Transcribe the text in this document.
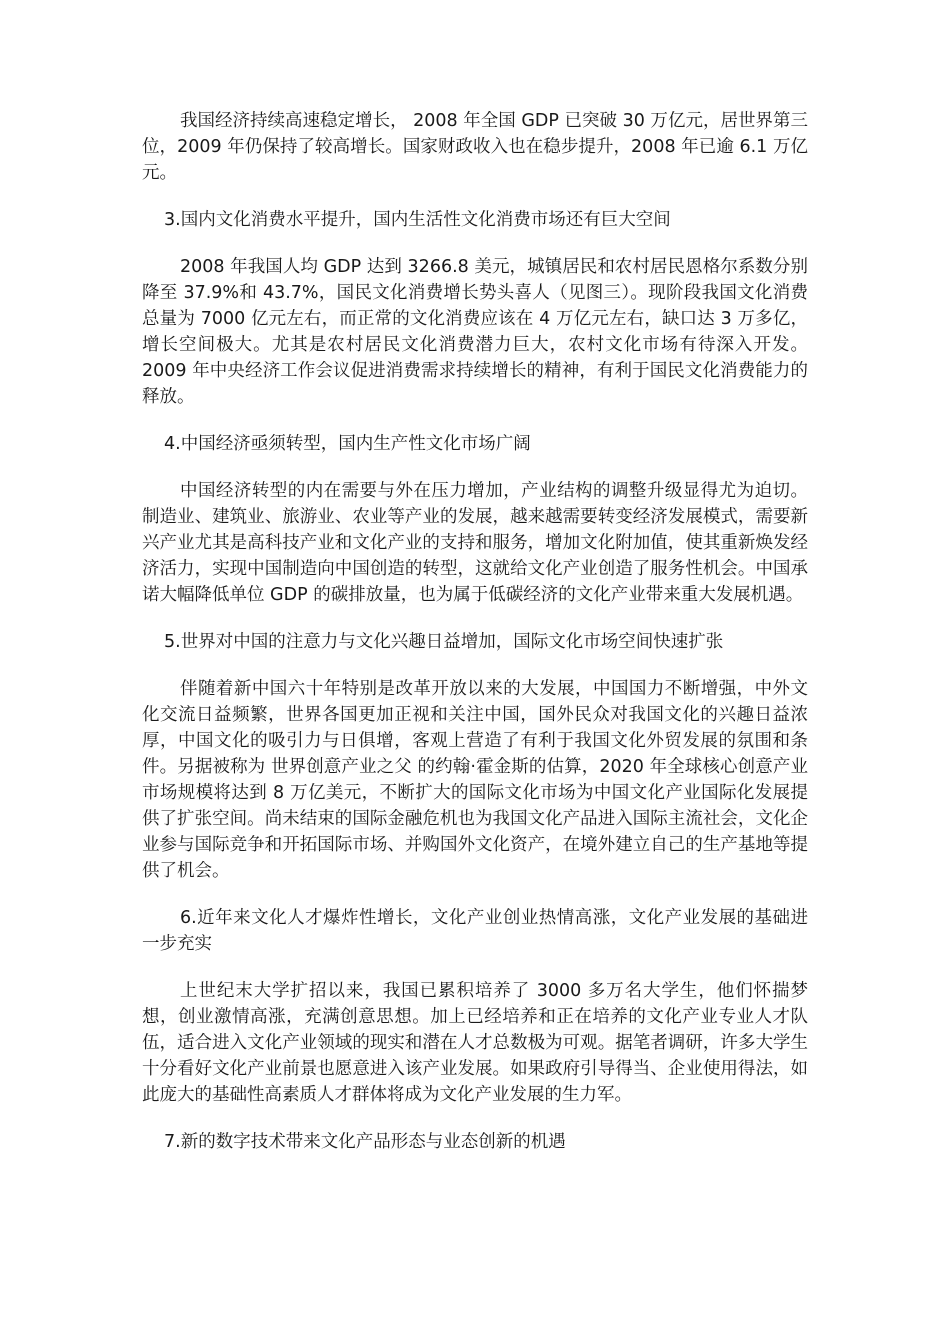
我国经济持续高速稳定增长， 2008 年全国 GDP 已突破 30 万亿元，居世界第三位，2009 年仍保持了较高增长。国家财政收入也在稳步提升，2008 年已逾 6.1 万亿元。

3.国内文化消费水平提升，国内生活性文化消费市场还有巨大空间

2008 年我国人均 GDP 达到 3266.8 美元，城镇居民和农村居民恩格尔系数分别降至 37.9%和 43.7%，国民文化消费增长势头喜人（见图三）。现阶段我国文化消费总量为 7000 亿元左右，而正常的文化消费应该在 4 万亿元左右，缺口达 3 万多亿，增长空间极大。尤其是农村居民文化消费潜力巨大，农村文化市场有待深入开发。2009 年中央经济工作会议促进消费需求持续增长的精神，有利于国民文化消费能力的释放。

4.中国经济亟须转型，国内生产性文化市场广阔

中国经济转型的内在需要与外在压力增加，产业结构的调整升级显得尤为迫切。制造业、建筑业、旅游业、农业等产业的发展，越来越需要转变经济发展模式，需要新兴产业尤其是高科技产业和文化产业的支持和服务，增加文化附加值，使其重新焕发经济活力，实现中国制造向中国创造的转型，这就给文化产业创造了服务性机会。中国承诺大幅降低单位 GDP 的碳排放量，也为属于低碳经济的文化产业带来重大发展机遇。

5.世界对中国的注意力与文化兴趣日益增加，国际文化市场空间快速扩张

伴随着新中国六十年特别是改革开放以来的大发展，中国国力不断增强，中外文化交流日益频繁，世界各国更加正视和关注中国，国外民众对我国文化的兴趣日益浓厚，中国文化的吸引力与日俱增，客观上营造了有利于我国文化外贸发展的氛围和条件。另据被称为 世界创意产业之父 的约翰·霍金斯的估算，2020 年全球核心创意产业市场规模将达到 8 万亿美元，不断扩大的国际文化市场为中国文化产业国际化发展提供了扩张空间。尚未结束的国际金融危机也为我国文化产品进入国际主流社会，文化企业参与国际竞争和开拓国际市场、并购国外文化资产，在境外建立自己的生产基地等提供了机会。

6.近年来文化人才爆炸性增长，文化产业创业热情高涨，文化产业发展的基础进一步充实

上世纪末大学扩招以来，我国已累积培养了 3000 多万名大学生，他们怀揣梦想，创业激情高涨，充满创意思想。加上已经培养和正在培养的文化产业专业人才队伍，适合进入文化产业领域的现实和潜在人才总数极为可观。据笔者调研，许多大学生十分看好文化产业前景也愿意进入该产业发展。如果政府引导得当、企业使用得法，如此庞大的基础性高素质人才群体将成为文化产业发展的生力军。

7.新的数字技术带来文化产品形态与业态创新的机遇
